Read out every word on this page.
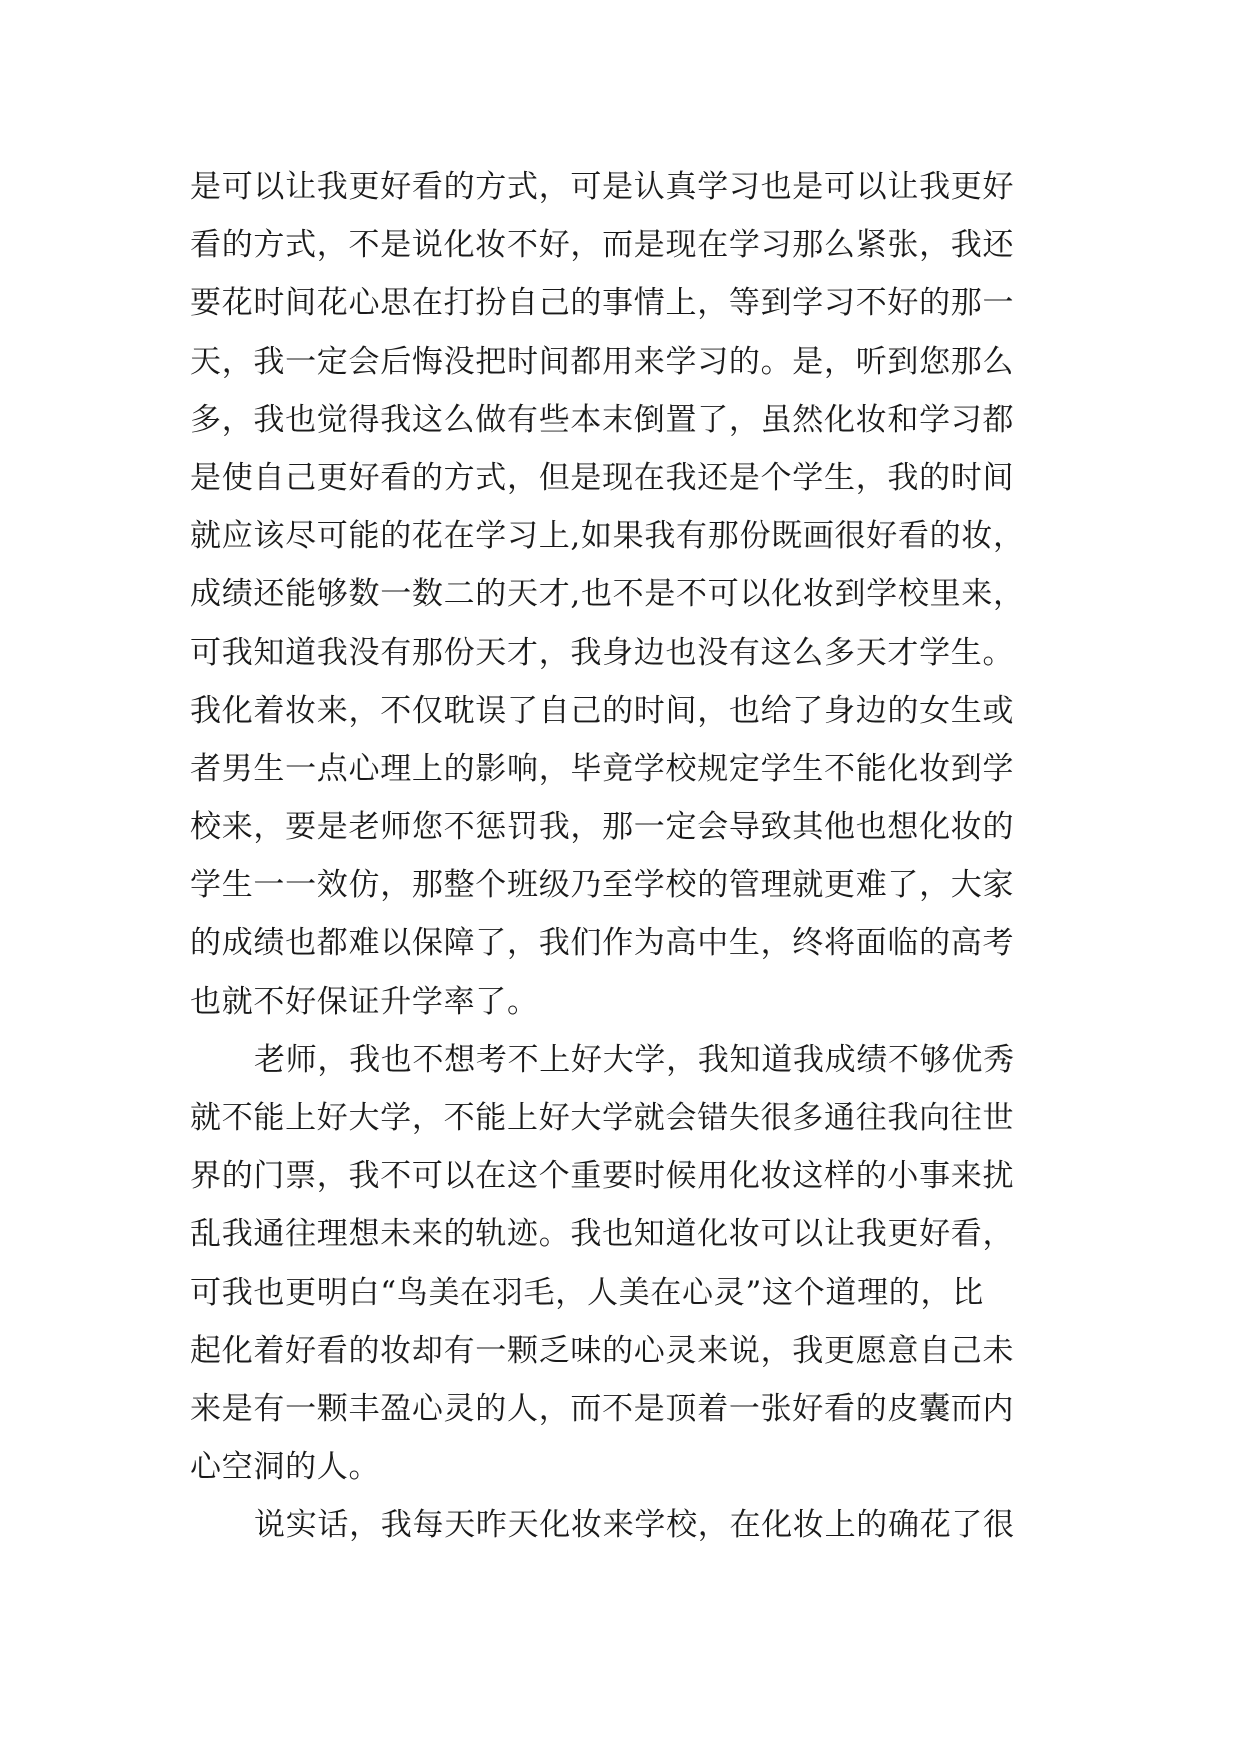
是可以让我更好看的方式，可是认真学习也是可以让我更好
看的方式，不是说化妆不好，而是现在学习那么紧张，我还
要花时间花心思在打扮自己的事情上，等到学习不好的那一
天，我一定会后悔没把时间都用来学习的。是，听到您那么
多，我也觉得我这么做有些本末倒置了，虽然化妆和学习都
是使自己更好看的方式，但是现在我还是个学生，我的时间
就应该尽可能的花在学习上,如果我有那份既画很好看的妆，
成绩还能够数一数二的天才,也不是不可以化妆到学校里来，
可我知道我没有那份天才，我身边也没有这么多天才学生。
我化着妆来，不仅耽误了自己的时间，也给了身边的女生或
者男生一点心理上的影响，毕竟学校规定学生不能化妆到学
校来，要是老师您不惩罚我，那一定会导致其他也想化妆的
学生一一效仿，那整个班级乃至学校的管理就更难了，大家
的成绩也都难以保障了，我们作为高中生，终将面临的高考
也就不好保证升学率了。
老师，我也不想考不上好大学，我知道我成绩不够优秀
就不能上好大学，不能上好大学就会错失很多通往我向往世
界的门票，我不可以在这个重要时候用化妆这样的小事来扰
乱我通往理想未来的轨迹。我也知道化妆可以让我更好看，
可我也更明白“鸟美在羽毛，人美在心灵”这个道理的，比
起化着好看的妆却有一颗乏味的心灵来说，我更愿意自己未
来是有一颗丰盈心灵的人，而不是顶着一张好看的皮囊而内
心空洞的人。
说实话，我每天昨天化妆来学校，在化妆上的确花了很
